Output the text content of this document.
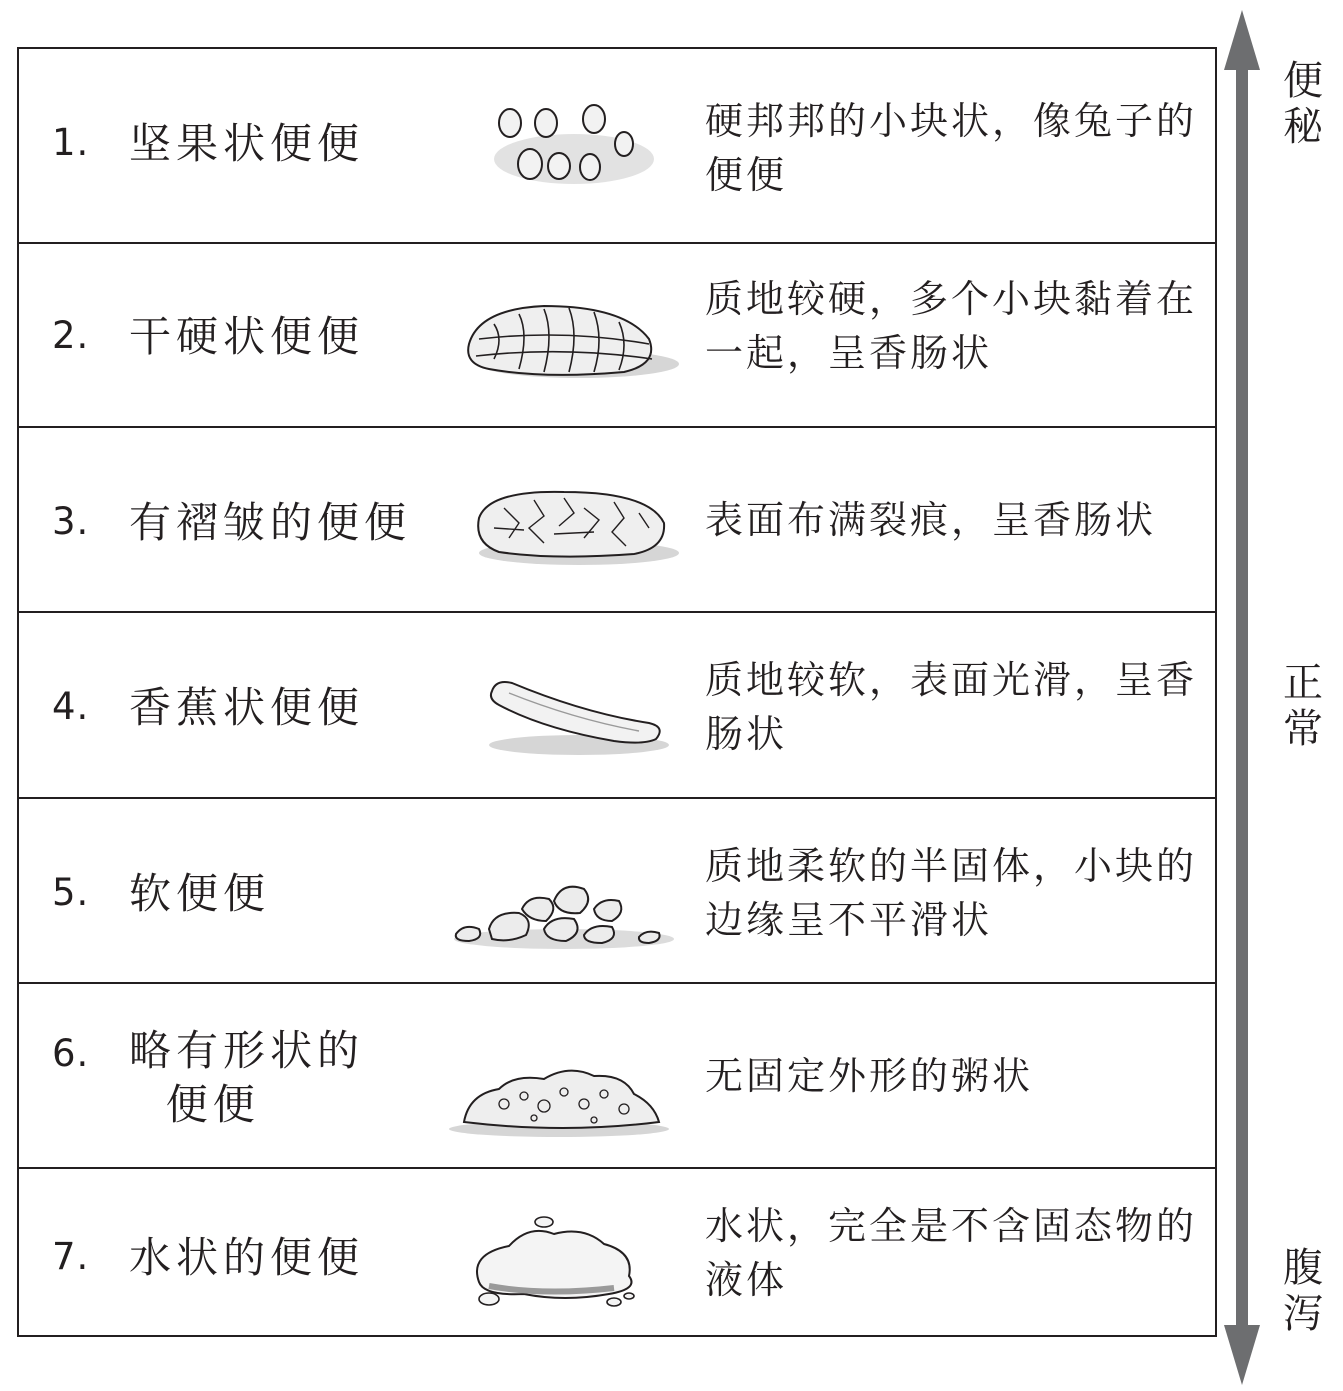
1. 坚果状便便	硬邦邦的小块状，像兔子的便便
2. 干硬状便便
质地较硬，多个小块黏着在一起，呈香肠状
3. 有褶皱的便便	表面布满裂痕，呈香肠状
4. 香蕉状便便
质地较软，表面光滑，呈香肠状
5. 软便便
质地柔软的半固体，小块的边缘呈不平滑状
6. 略有形状的
便便
无固定外形的粥状
7. 水状的便便
水状，完全是不含固态物的液体
便秘
正常
腹泻
